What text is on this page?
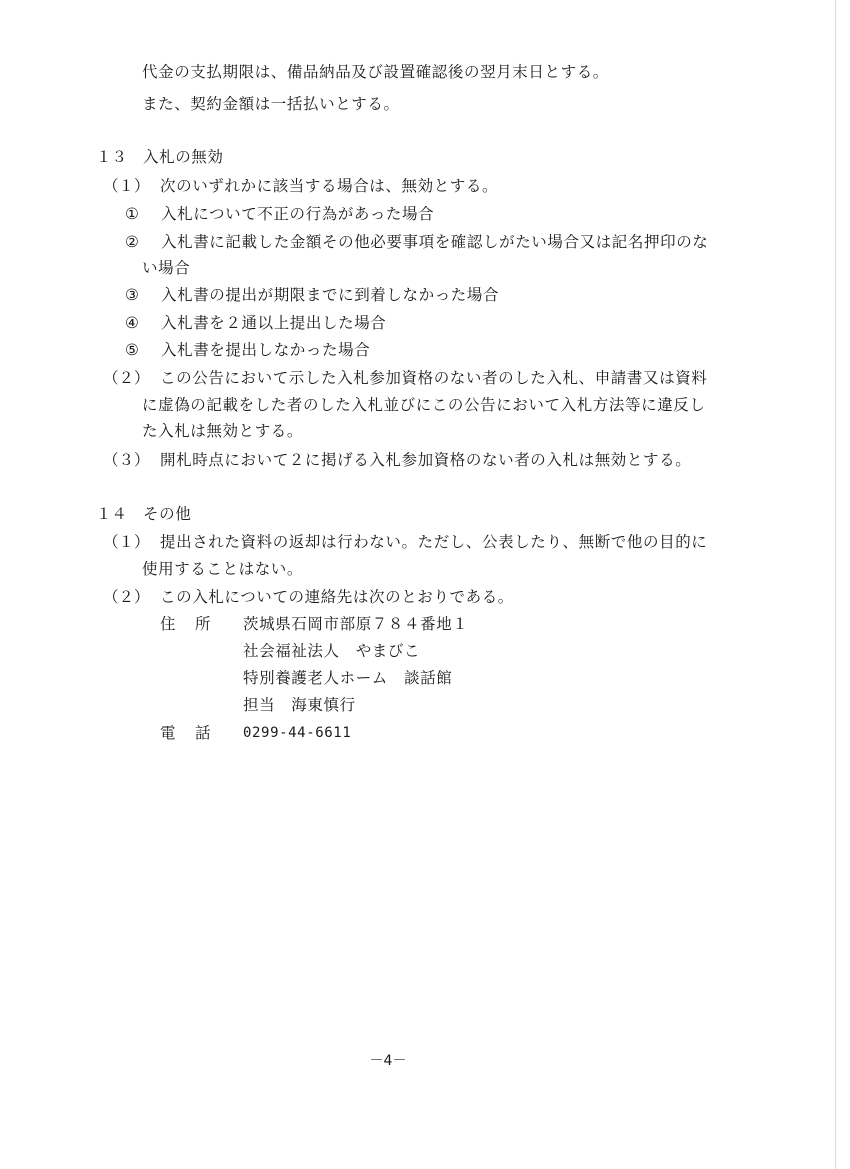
代金の支払期限は、備品納品及び設置確認後の翌月末日とする。
また、契約金額は一括払いとする。
１３ 入札の無効
（１） 次のいずれかに該当する場合は、無効とする。
① 入札について不正の行為があった場合
② 入札書に記載した金額その他必要事項を確認しがたい場合又は記名押印のな
い場合
③ 入札書の提出が期限までに到着しなかった場合
④ 入札書を２通以上提出した場合
⑤ 入札書を提出しなかった場合
（２） この公告において示した入札参加資格のない者のした入札、申請書又は資料
に虚偽の記載をした者のした入札並びにこの公告において入札方法等に違反し
た入札は無効とする。
（３） 開札時点において２に掲げる入札参加資格のない者の入札は無効とする。
１４ その他
（１） 提出された資料の返却は行わない。ただし、公表したり、無断で他の目的に
使用することはない。
（２） この入札についての連絡先は次のとおりである。
住　所 茨城県石岡市部原７８４番地１
社会福祉法人　やまびこ
特別養護老人ホーム　談話館
担当　海東慎行
電　話 0299-44-6611
－4－
